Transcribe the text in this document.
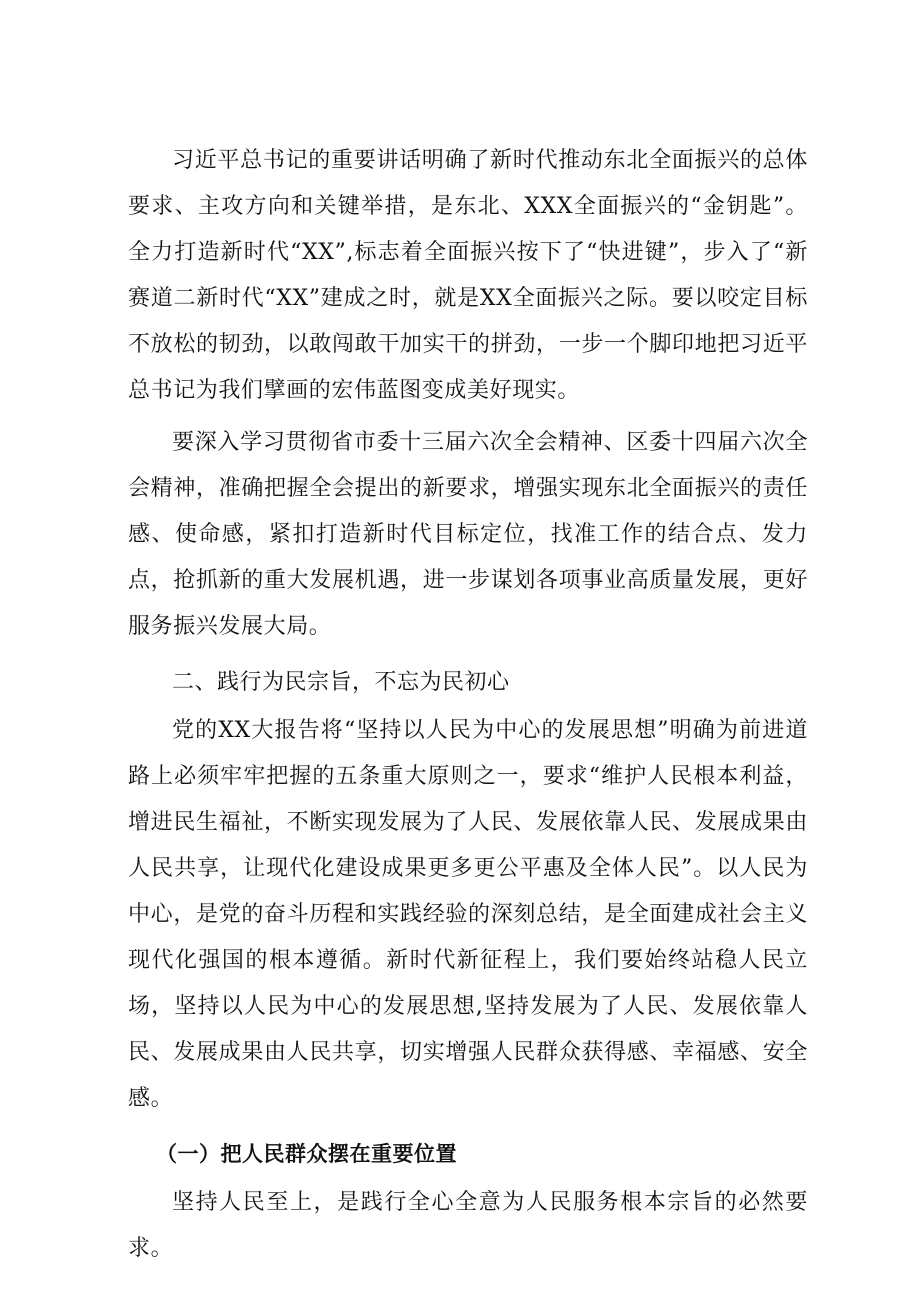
习近平总书记的重要讲话明确了新时代推动东北全面振兴的总体要求、主攻方向和关键举措，是东北、XXX全面振兴的“金钥匙”。全力打造新时代“XX”,标志着全面振兴按下了“快进键”，步入了“新赛道二新时代“XX”建成之时，就是XX全面振兴之际。要以咬定目标不放松的韧劲，以敢闯敢干加实干的拼劲，一步一个脚印地把习近平总书记为我们擘画的宏伟蓝图变成美好现实。

要深入学习贯彻省市委十三届六次全会精神、区委十四届六次全会精神，准确把握全会提出的新要求，增强实现东北全面振兴的责任感、使命感，紧扣打造新时代目标定位，找准工作的结合点、发力点，抢抓新的重大发展机遇，进一步谋划各项事业高质量发展，更好服务振兴发展大局。

二、践行为民宗旨，不忘为民初心

党的XX大报告将“坚持以人民为中心的发展思想”明确为前进道路上必须牢牢把握的五条重大原则之一，要求“维护人民根本利益，增进民生福祉，不断实现发展为了人民、发展依靠人民、发展成果由人民共享，让现代化建设成果更多更公平惠及全体人民”。以人民为中心，是党的奋斗历程和实践经验的深刻总结，是全面建成社会主义现代化强国的根本遵循。新时代新征程上，我们要始终站稳人民立场，坚持以人民为中心的发展思想,坚持发展为了人民、发展依靠人民、发展成果由人民共享，切实增强人民群众获得感、幸福感、安全感。

（一）把人民群众摆在重要位置

坚持人民至上，是践行全心全意为人民服务根本宗旨的必然要求。
